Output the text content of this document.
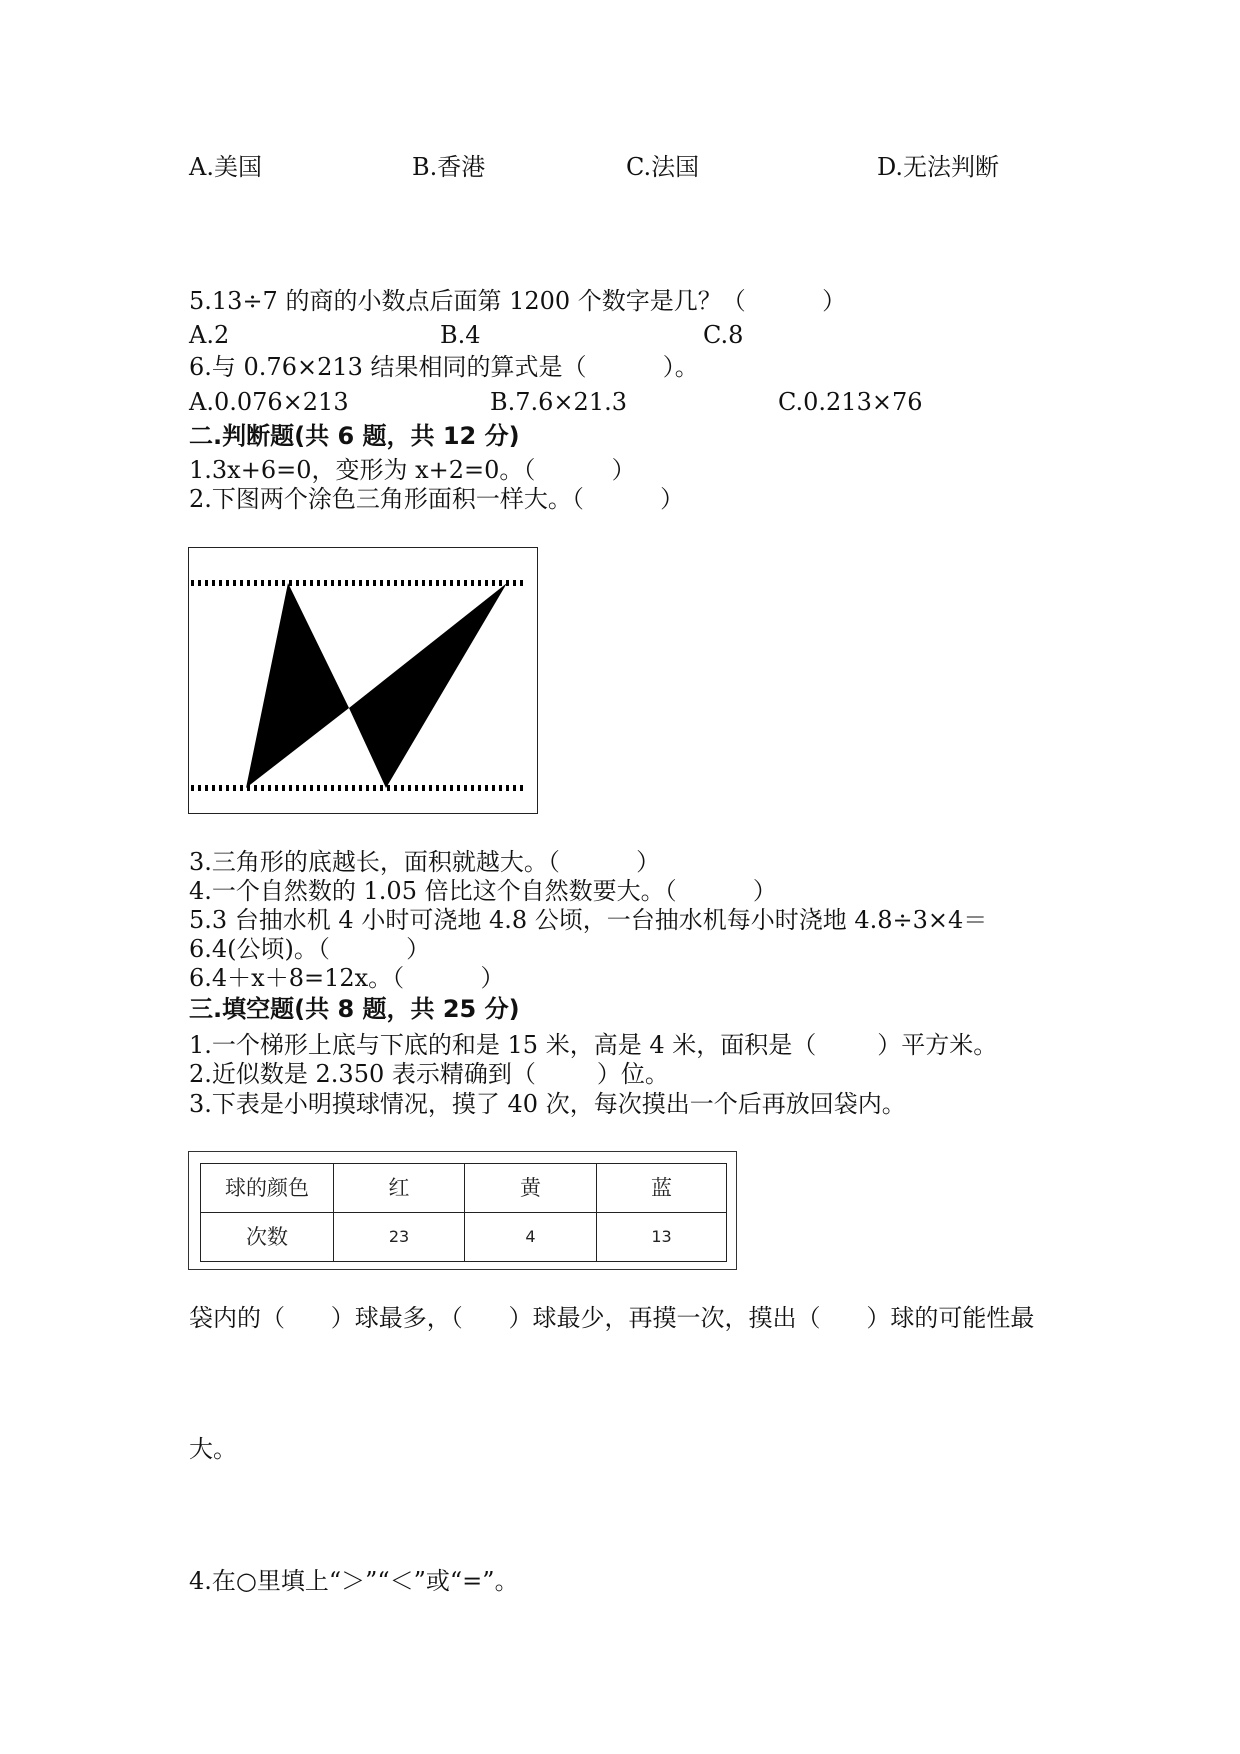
A.美国	B.香港	C.法国	D.无法判断
5.13÷7 的商的小数点后面第 1200 个数字是几？（          ）
A.2	B.4	C.8
6.与 0.76×213 结果相同的算式是（          ）。
A.0.076×213	B.7.6×21.3	C.0.213×76
二.判断题(共 6 题，共 12 分)
1.3x+6=0，变形为 x+2=0。（          ）
2.下图两个涂色三角形面积一样大。（          ）
3.三角形的底越长，面积就越大。（          ）
4.一个自然数的 1.05 倍比这个自然数要大。（          ）
5.3 台抽水机 4 小时可浇地 4.8 公顷，一台抽水机每小时浇地 4.8÷3×4＝
6.4(公顷)。（          ）
6.4＋x＋8=12x。（          ）
三.填空题(共 8 题，共 25 分)
1.一个梯形上底与下底的和是 15 米，高是 4 米，面积是（        ）平方米。
2.近似数是 2.350 表示精确到（        ）位。
3.下表是小明摸球情况，摸了 40 次，每次摸出一个后再放回袋内。
球的颜色	红	黄	蓝
次数	23	4	13
袋内的（      ）球最多，（      ）球最少，再摸一次，摸出（      ）球的可能性最
大。
4.在○里填上“＞”“＜”或“=”。
